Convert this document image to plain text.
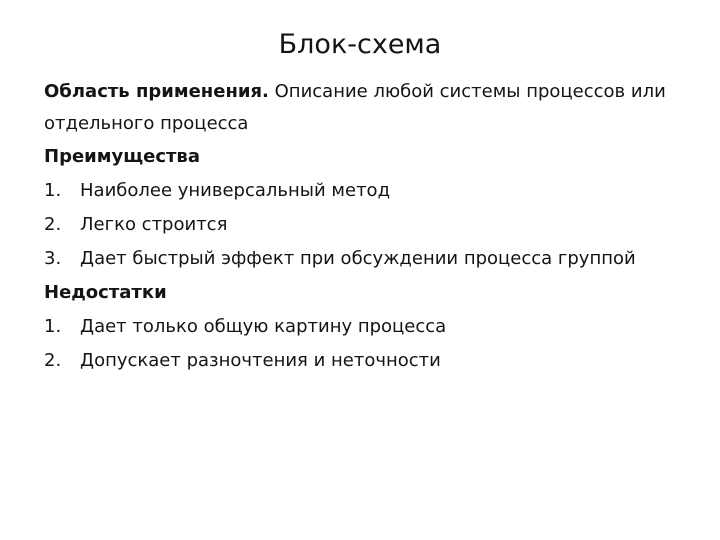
Блок-схема

Область применения. Описание любой системы процессов или отдельного процесса

Преимущества

1.	Наиболее универсальный метод
2.	Легко строится
3.	Дает быстрый эффект при обсуждении процесса группой

Недостатки

1.	Дает только общую картину процесса
2.	Допускает разночтения и неточности
